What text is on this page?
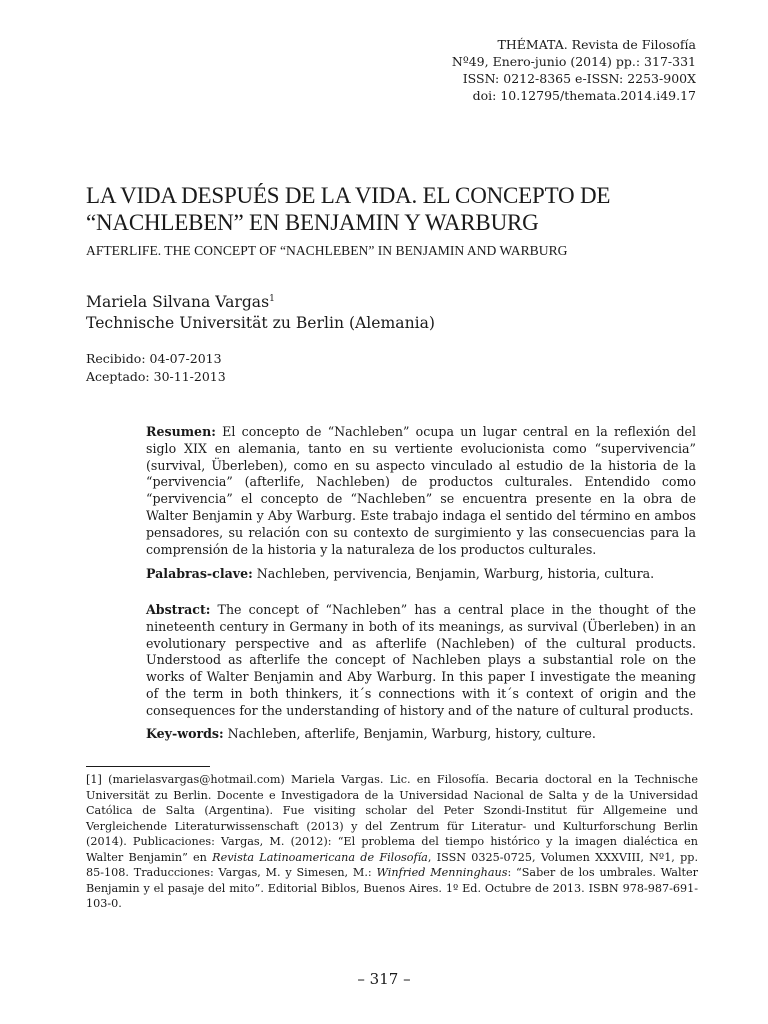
THÉMATA. Revista de Filosofía
Nº49, Enero-junio (2014) pp.: 317-331
ISSN: 0212-8365 e-ISSN: 2253-900X
doi: 10.12795/themata.2014.i49.17
LA VIDA DESPUÉS DE LA VIDA. EL CONCEPTO DE “NACHLEBEN” EN BENJAMIN Y WARBURG
AFTERLIFE. THE CONCEPT OF “NACHLEBEN” IN BENJAMIN AND WARBURG
Mariela Silvana Vargas$^1$
Technische Universität zu Berlin (Alemania)
Recibido: 04-07-2013
Aceptado: 30-11-2013
Resumen: El concepto de “Nachleben” ocupa un lugar central en la reflexión del siglo XIX en alemania, tanto en su vertiente evolucionista como “supervivencia” (survival, Überleben), como en su aspecto vinculado al estudio de la historia de la “pervivencia” (afterlife, Nachleben) de productos culturales. Entendido como “pervivencia” el concepto de “Nachleben” se encuentra presente en la obra de Walter Benjamin y Aby Warburg. Este trabajo indaga el sentido del término en ambos pensadores, su relación con su contexto de surgimiento y las consecuencias para la comprensión de la historia y la naturaleza de los productos culturales.
Palabras-clave: Nachleben, pervivencia, Benjamin, Warburg, historia, cultura.
Abstract: The concept of “Nachleben” has a central place in the thought of the nineteenth century in Germany in both of its meanings, as survival (Überleben) in an evolutionary perspective and as afterlife (Nachleben) of the cultural products. Understood as afterlife the concept of Nachleben plays a substantial role on the works of Walter Benjamin and Aby Warburg. In this paper I investigate the meaning of the term in both thinkers, it´s connections with it´s context of origin and the consequences for the understanding of history and of the nature of cultural products.
Key-words: Nachleben, afterlife, Benjamin, Warburg, history, culture.
[1] (marielasvargas@hotmail.com) Mariela Vargas. Lic. en Filosofía. Becaria doctoral en la Technische Universität zu Berlin. Docente e Investigadora de la Universidad Nacional de Salta y de la Universidad Católica de Salta (Argentina). Fue visiting scholar del Peter Szondi-Institut für Allgemeine und Vergleichende Literaturwissenschaft (2013) y del Zentrum für Literatur- und Kulturforschung Berlin (2014). Publicaciones: Vargas, M. (2012): “El problema del tiempo histórico y la imagen dialéctica en Walter Benjamin” en Revista Latinoamericana de Filosofía, ISSN 0325-0725, Volumen XXXVIII, Nº1, pp. 85-108. Traducciones: Vargas, M. y Simesen, M.: Winfried Menninghaus: “Saber de los umbrales. Walter Benjamin y el pasaje del mito”. Editorial Biblos, Buenos Aires. 1º Ed. Octubre de 2013. ISBN 978-987-691-103-0.
– 317 –
